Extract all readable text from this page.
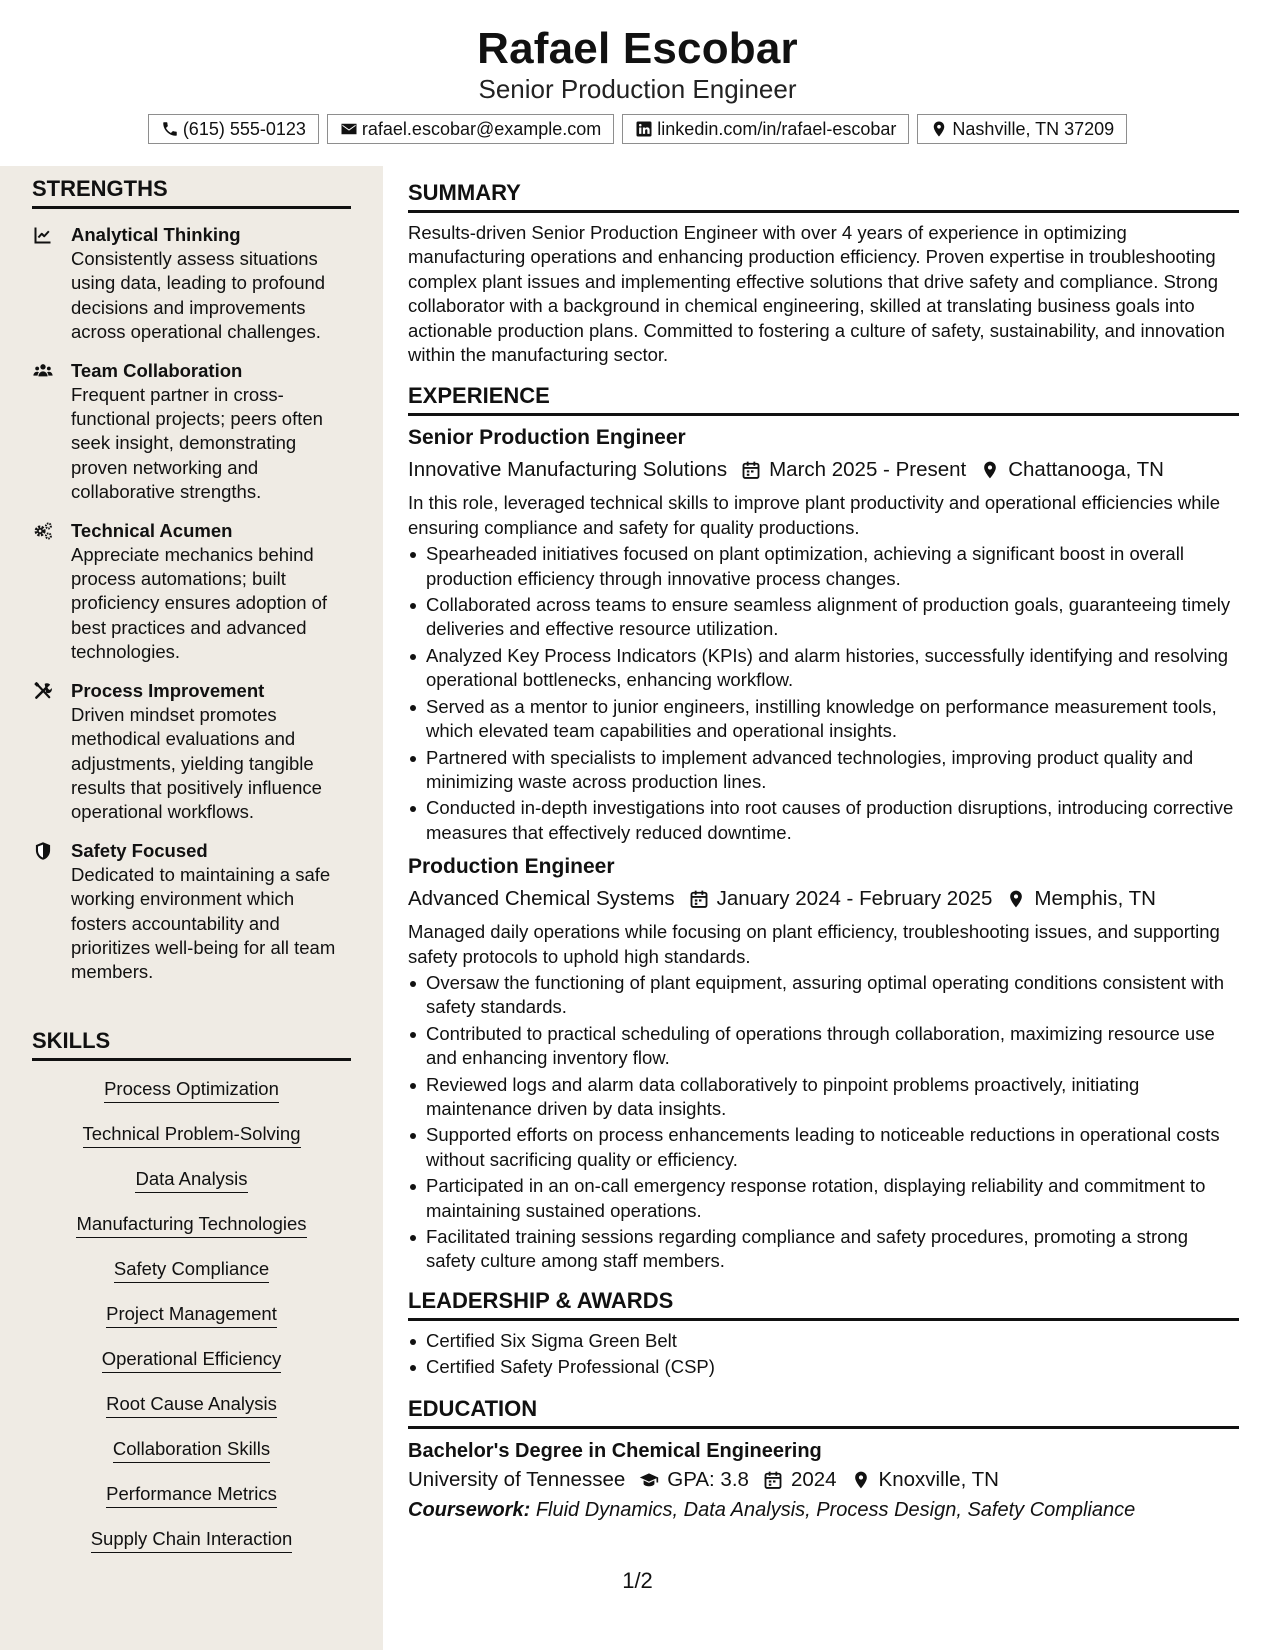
Rafael Escobar
Senior Production Engineer
(615) 555-0123	rafael.escobar@example.com	linkedin.com/in/rafael-escobar	Nashville, TN 37209
STRENGTHS
Analytical Thinking
Consistently assess situations using data, leading to profound decisions and improvements across operational challenges.
Team Collaboration
Frequent partner in cross-functional projects; peers often seek insight, demonstrating proven networking and collaborative strengths.
Technical Acumen
Appreciate mechanics behind process automations; built proficiency ensures adoption of best practices and advanced technologies.
Process Improvement
Driven mindset promotes methodical evaluations and adjustments, yielding tangible results that positively influence operational workflows.
Safety Focused
Dedicated to maintaining a safe working environment which fosters accountability and prioritizes well-being for all team members.
SKILLS
Process Optimization
Technical Problem-Solving
Data Analysis
Manufacturing Technologies
Safety Compliance
Project Management
Operational Efficiency
Root Cause Analysis
Collaboration Skills
Performance Metrics
Supply Chain Interaction
SUMMARY
Results-driven Senior Production Engineer with over 4 years of experience in optimizing manufacturing operations and enhancing production efficiency. Proven expertise in troubleshooting complex plant issues and implementing effective solutions that drive safety and compliance. Strong collaborator with a background in chemical engineering, skilled at translating business goals into actionable production plans. Committed to fostering a culture of safety, sustainability, and innovation within the manufacturing sector.
EXPERIENCE
Senior Production Engineer
Innovative Manufacturing Solutions March 2025 - Present Chattanooga, TN
In this role, leveraged technical skills to improve plant productivity and operational efficiencies while ensuring compliance and safety for quality productions.
Spearheaded initiatives focused on plant optimization, achieving a significant boost in overall production efficiency through innovative process changes.
Collaborated across teams to ensure seamless alignment of production goals, guaranteeing timely deliveries and effective resource utilization.
Analyzed Key Process Indicators (KPIs) and alarm histories, successfully identifying and resolving operational bottlenecks, enhancing workflow.
Served as a mentor to junior engineers, instilling knowledge on performance measurement tools, which elevated team capabilities and operational insights.
Partnered with specialists to implement advanced technologies, improving product quality and minimizing waste across production lines.
Conducted in-depth investigations into root causes of production disruptions, introducing corrective measures that effectively reduced downtime.
Production Engineer
Advanced Chemical Systems January 2024 - February 2025 Memphis, TN
Managed daily operations while focusing on plant efficiency, troubleshooting issues, and supporting safety protocols to uphold high standards.
Oversaw the functioning of plant equipment, assuring optimal operating conditions consistent with safety standards.
Contributed to practical scheduling of operations through collaboration, maximizing resource use and enhancing inventory flow.
Reviewed logs and alarm data collaboratively to pinpoint problems proactively, initiating maintenance driven by data insights.
Supported efforts on process enhancements leading to noticeable reductions in operational costs without sacrificing quality or efficiency.
Participated in an on-call emergency response rotation, displaying reliability and commitment to maintaining sustained operations.
Facilitated training sessions regarding compliance and safety procedures, promoting a strong safety culture among staff members.
LEADERSHIP & AWARDS
Certified Six Sigma Green Belt
Certified Safety Professional (CSP)
EDUCATION
Bachelor's Degree in Chemical Engineering
University of Tennessee GPA: 3.8 2024 Knoxville, TN
Coursework: Fluid Dynamics, Data Analysis, Process Design, Safety Compliance
1/2
